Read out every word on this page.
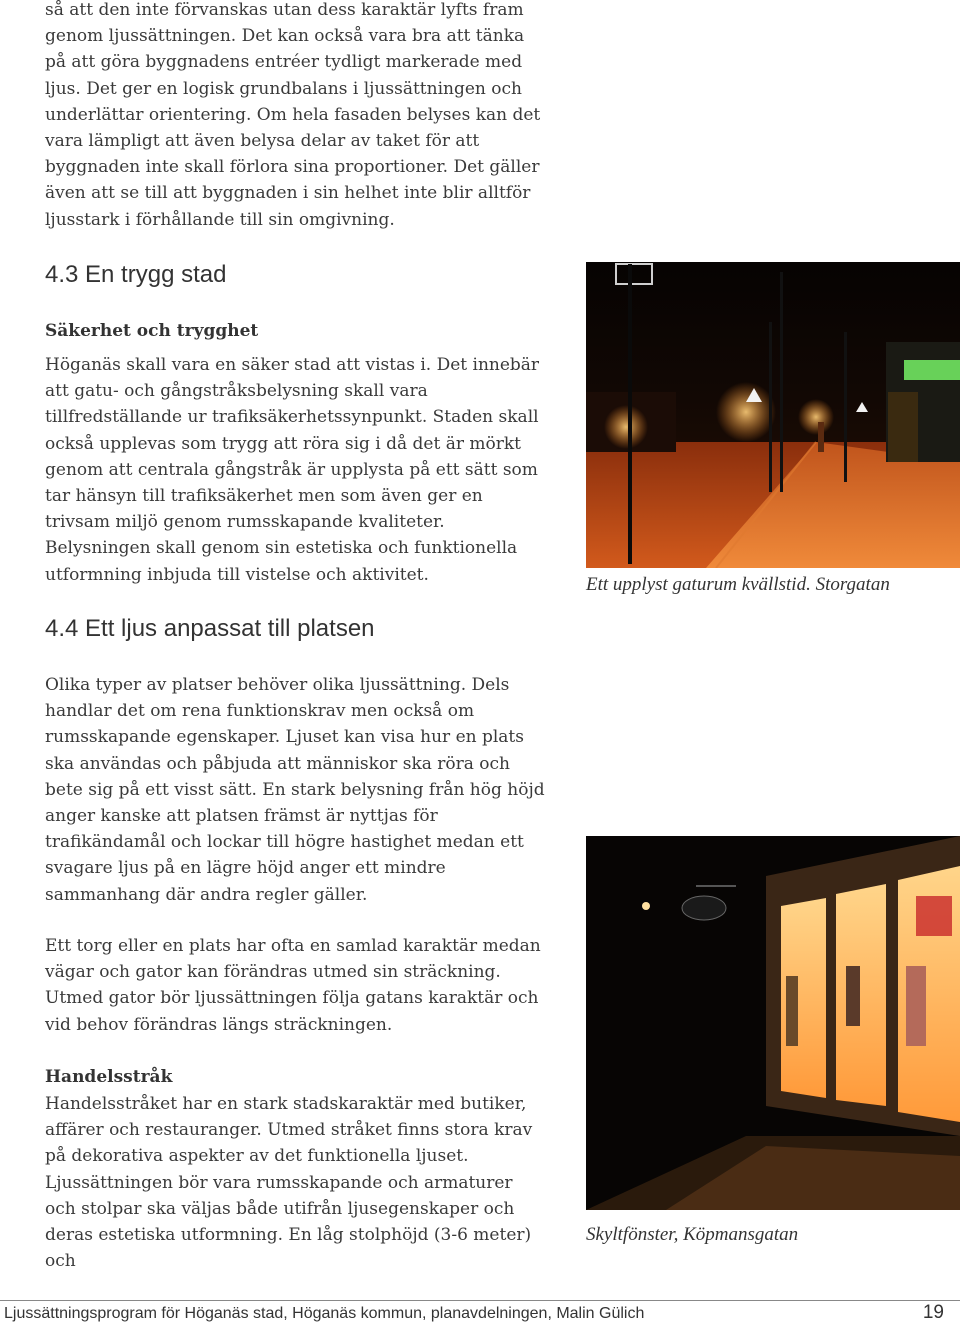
så att den inte förvanskas utan dess karaktär lyfts fram genom ljussättningen. Det kan också vara bra att tänka på att göra byggnadens entréer tydligt markerade med ljus. Det ger en logisk grundbalans i ljussättningen och underlättar orientering. Om hela fasaden belyses kan det vara lämpligt att även belysa delar av taket för att byggnaden inte skall förlora sina proportioner. Det gäller även att se till att byggnaden i sin helhet inte blir alltför ljusstark i förhållande till sin omgivning.

4.3 En trygg stad
Säkerhet och trygghet

Höganäs skall vara en säker stad att vistas i. Det innebär att gatu- och gångstråksbelysning skall vara tillfredställande ur trafiksäkerhetssynpunkt. Staden skall också upplevas som trygg att röra sig i då det är mörkt genom att centrala gångstråk är upplysta på ett sätt som tar hänsyn till trafiksäkerhet men som även ger en trivsam miljö genom rumsskapande kvaliteter. Belysningen skall genom sin estetiska och funktionella utformning inbjuda till vistelse och aktivitet.

4.4 Ett ljus anpassat till platsen

Olika typer av platser behöver olika ljussättning. Dels handlar det om rena funktionskrav men också om rumsskapande egenskaper. Ljuset kan visa hur en plats ska användas och påbjuda att människor ska röra och bete sig på ett visst sätt. En stark belysning från hög höjd anger kanske att platsen främst är nyttjas för trafikändamål och lockar till högre hastighet medan ett svagare ljus på en lägre höjd anger ett mindre sammanhang där andra regler gäller.

Ett torg eller en plats har ofta en samlad karaktär medan vägar och gator kan förändras utmed sin sträckning. Utmed gator bör ljussättningen följa gatans karaktär och vid behov förändras längs sträckningen.

Handelsstråk

Handelsstråket har en stark stadskaraktär med butiker, affärer och restauranger. Utmed stråket finns stora krav på dekorativa aspekter av det funktionella ljuset. Ljussättningen bör vara rumsskapande och armaturer och stolpar ska väljas både utifrån ljusegenskaper och deras estetiska utformning. En låg stolphöjd (3-6 meter) och

Ett upplyst gaturum kvällstid. Storgatan
Skyltfönster, Köpmansgatan
Ljussättningsprogram för Höganäs stad, Höganäs kommun, planavdelningen, Malin Gülich	19
